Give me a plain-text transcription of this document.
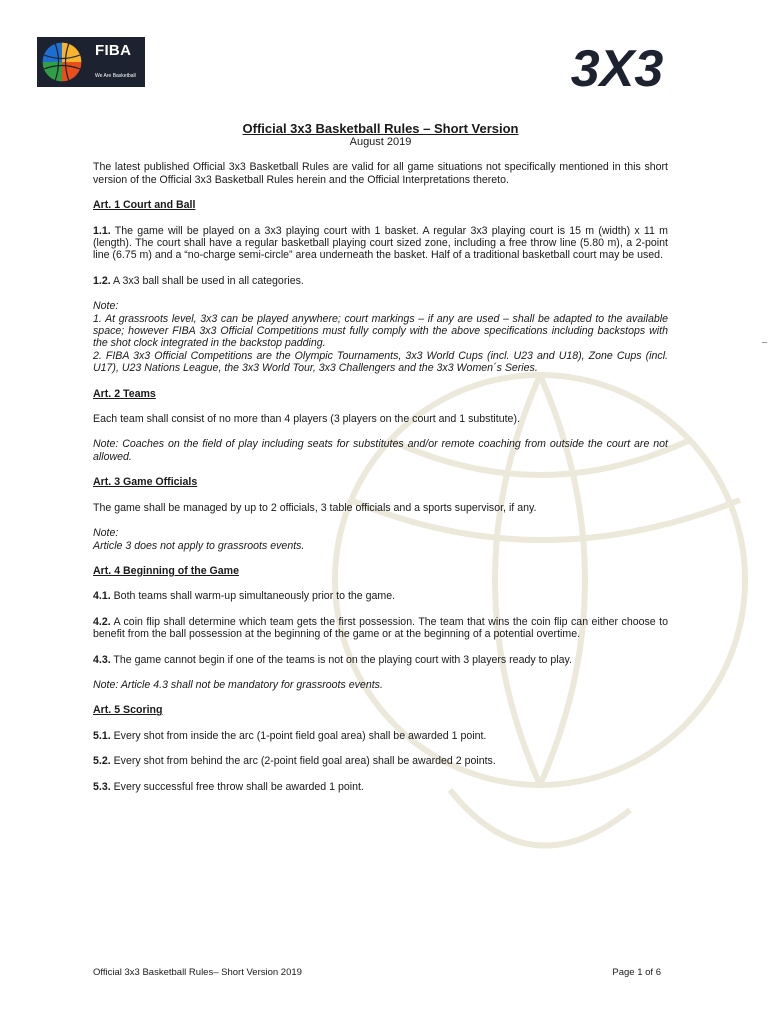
FIBA
We Are Basketball	3X3
Official 3x3 Basketball Rules – Short Version
August 2019

The latest published Official 3x3 Basketball Rules are valid for all game situations not specifically mentioned in this short version of the Official 3x3 Basketball Rules herein and the Official Interpretations thereto.

Art. 1 Court and Ball

1.1. The game will be played on a 3x3 playing court with 1 basket. A regular 3x3 playing court is 15 m (width) x 11 m (length). The court shall have a regular basketball playing court sized zone, including a free throw line (5.80 m), a 2-point line (6.75 m) and a “no-charge semi-circle” area underneath the basket. Half of a traditional basketball court may be used.

1.2. A 3x3 ball shall be used in all categories.

Note:

1. At grassroots level, 3x3 can be played anywhere; court markings – if any are used – shall be adapted to the available space; however FIBA 3x3 Official Competitions must fully comply with the above specifications including backstops with the shot clock integrated in the backstop padding.

2. FIBA 3x3 Official Competitions are the Olympic Tournaments, 3x3 World Cups (incl. U23 and U18), Zone Cups (incl. U17), U23 Nations League, the 3x3 World Tour, 3x3 Challengers and the 3x3 Women´s Series.

Art. 2 Teams

Each team shall consist of no more than 4 players (3 players on the court and 1 substitute).

Note: Coaches on the field of play including seats for substitutes and/or remote coaching from outside the court are not allowed.

Art. 3 Game Officials

The game shall be managed by up to 2 officials, 3 table officials and a sports supervisor, if any.

Note:

Article 3 does not apply to grassroots events.

Art. 4 Beginning of the Game

4.1. Both teams shall warm-up simultaneously prior to the game.

4.2. A coin flip shall determine which team gets the first possession. The team that wins the coin flip can either choose to benefit from the ball possession at the beginning of the game or at the beginning of a potential overtime.

4.3. The game cannot begin if one of the teams is not on the playing court with 3 players ready to play.

Note: Article 4.3 shall not be mandatory for grassroots events.

Art. 5 Scoring

5.1. Every shot from inside the arc (1-point field goal area) shall be awarded 1 point.

5.2. Every shot from behind the arc (2-point field goal area) shall be awarded 2 points.

5.3. Every successful free throw shall be awarded 1 point.

Official 3x3 Basketball Rules– Short Version 2019	Page 1 of 6
